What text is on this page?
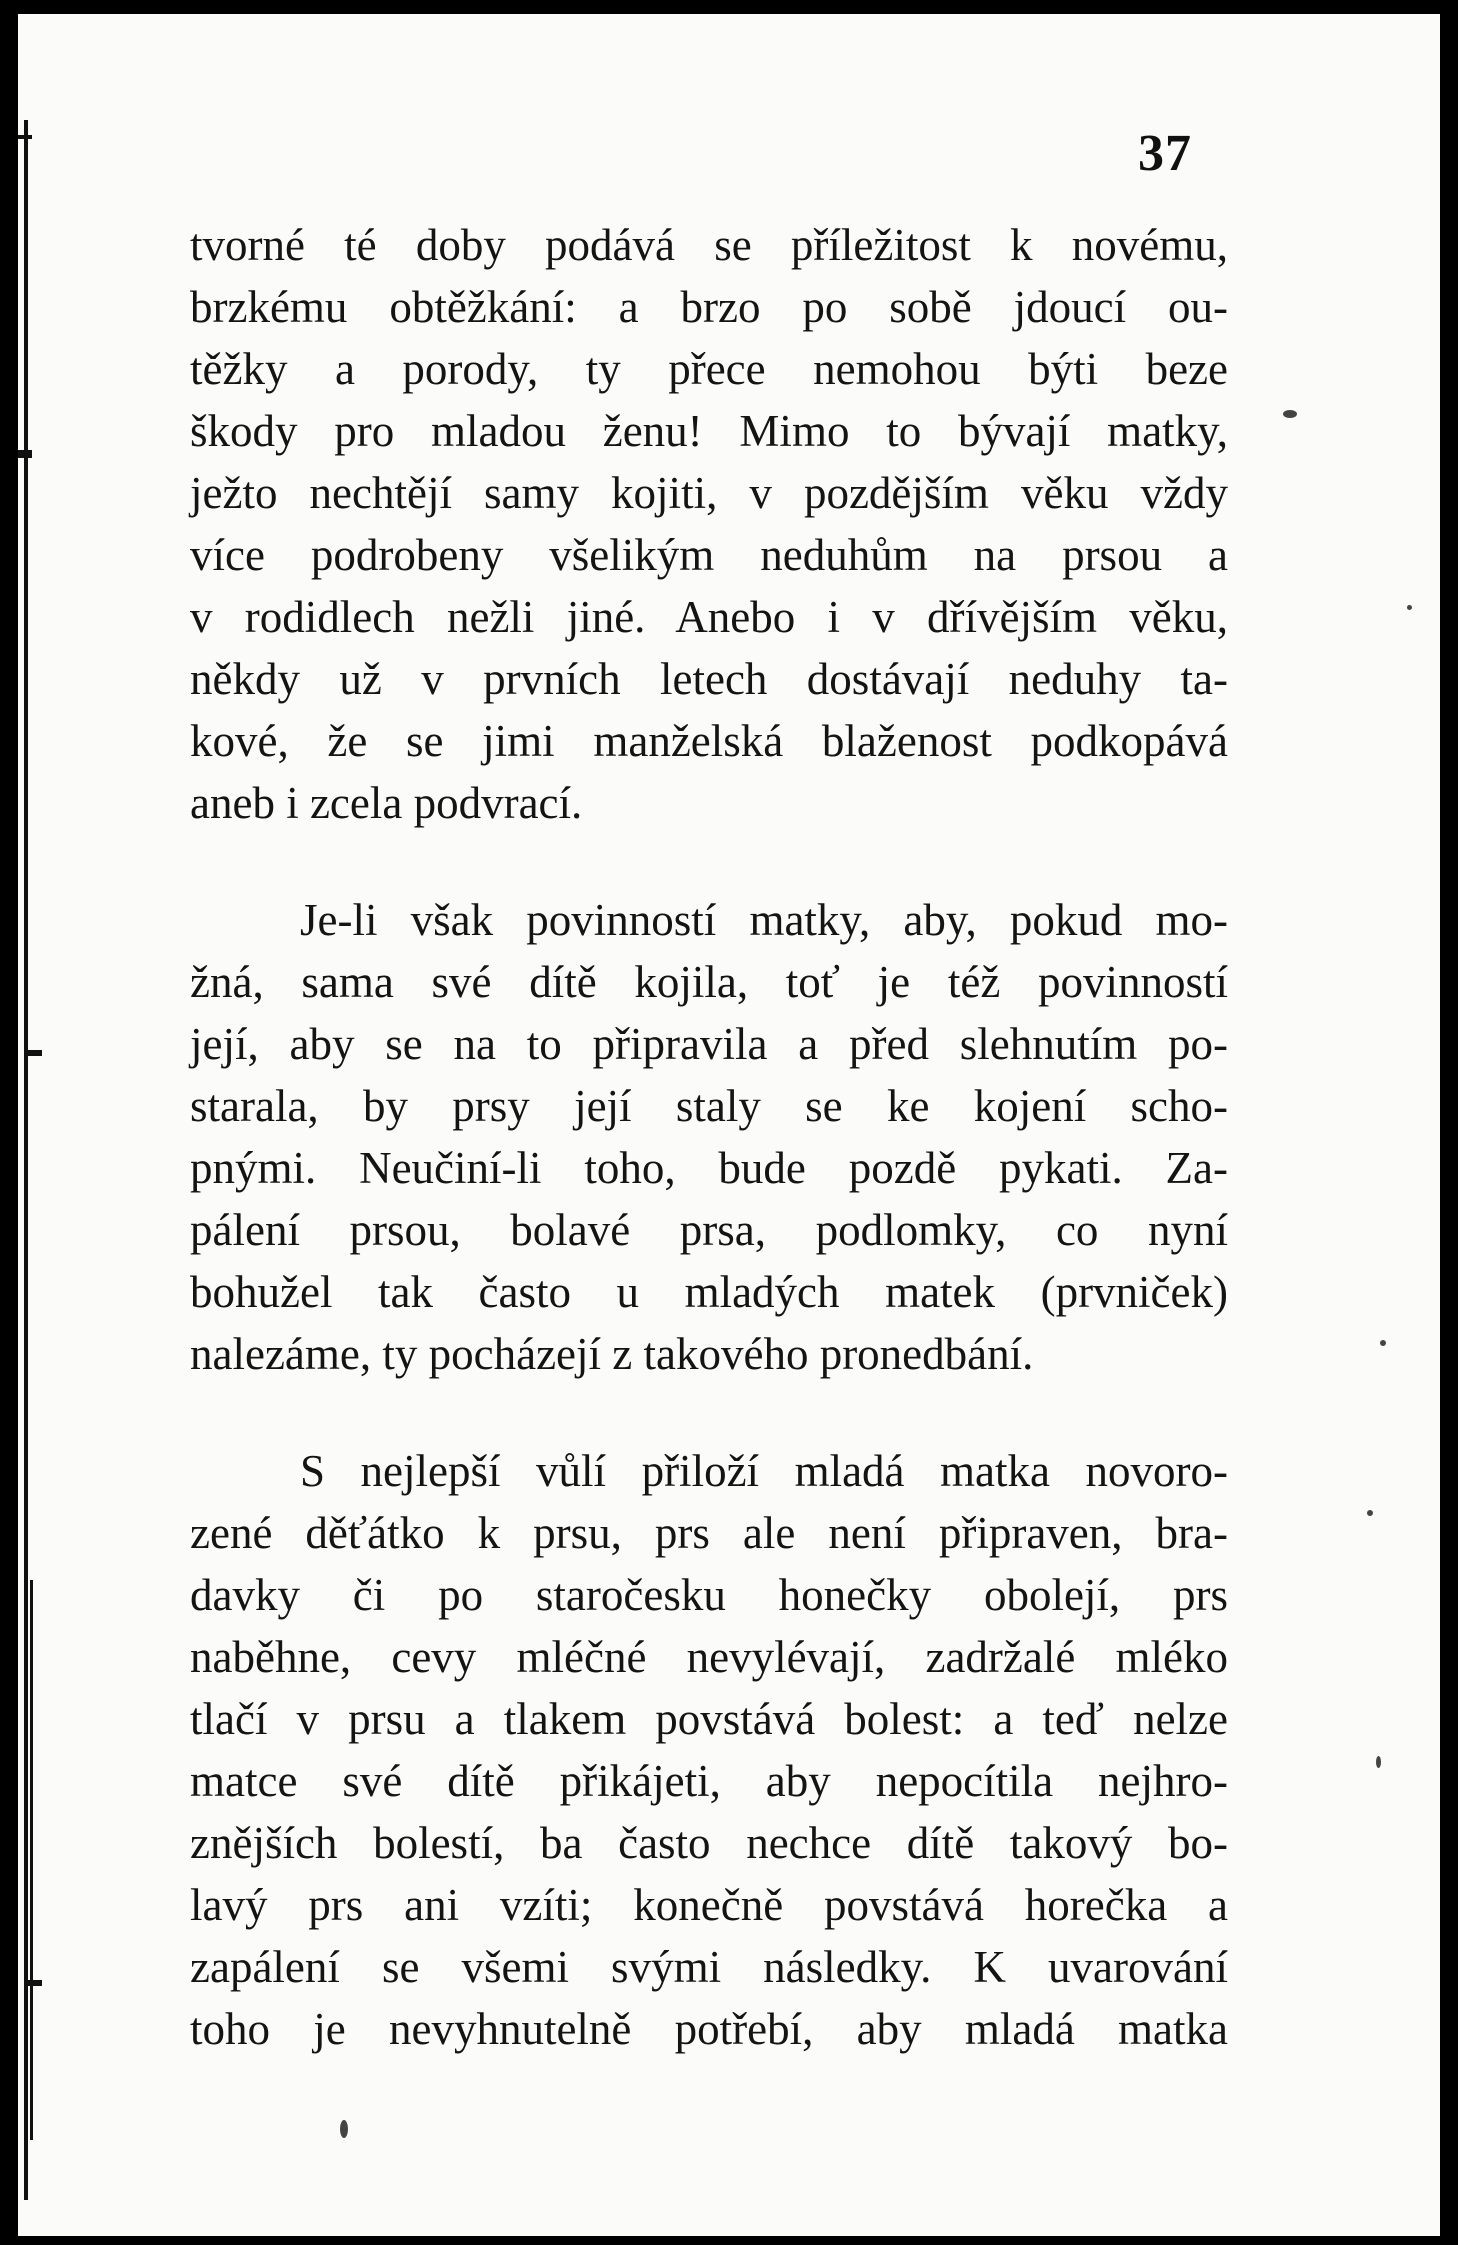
37
tvorné té doby podává se příležitost k novému,
brzkému obtěžkání: a brzo po sobě jdoucí ou-
těžky a porody, ty přece nemohou býti beze
škody pro mladou ženu! Mimo to bývají matky,
ježto nechtějí samy kojiti, v pozdějším věku vždy
více podrobeny všelikým neduhům na prsou a
v rodidlech nežli jiné. Anebo i v dřívějším věku,
někdy už v prvních letech dostávají neduhy ta-
kové, že se jimi manželská blaženost podkopává
aneb i zcela podvrací.
Je-li však povinností matky, aby, pokud mo-
žná, sama své dítě kojila, toť je též povinností
její, aby se na to připravila a před slehnutím po-
starala, by prsy její staly se ke kojení scho-
pnými. Neučiní-li toho, bude pozdě pykati. Za-
pálení prsou, bolavé prsa, podlomky, co nyní
bohužel tak často u mladých matek (prvniček)
nalezáme, ty pocházejí z takového pronedbání.
S nejlepší vůlí přiloží mladá matka novoro-
zené děťátko k prsu, prs ale není připraven, bra-
davky či po staročesku honečky obolejí, prs
naběhne, cevy mléčné nevylévají, zadržalé mléko
tlačí v prsu a tlakem povstává bolest: a teď nelze
matce své dítě přikájeti, aby nepocítila nejhro-
znějších bolestí, ba často nechce dítě takový bo-
lavý prs ani vzíti; konečně povstává horečka a
zapálení se všemi svými následky. K uvarování
toho je nevyhnutelně potřebí, aby mladá matka
